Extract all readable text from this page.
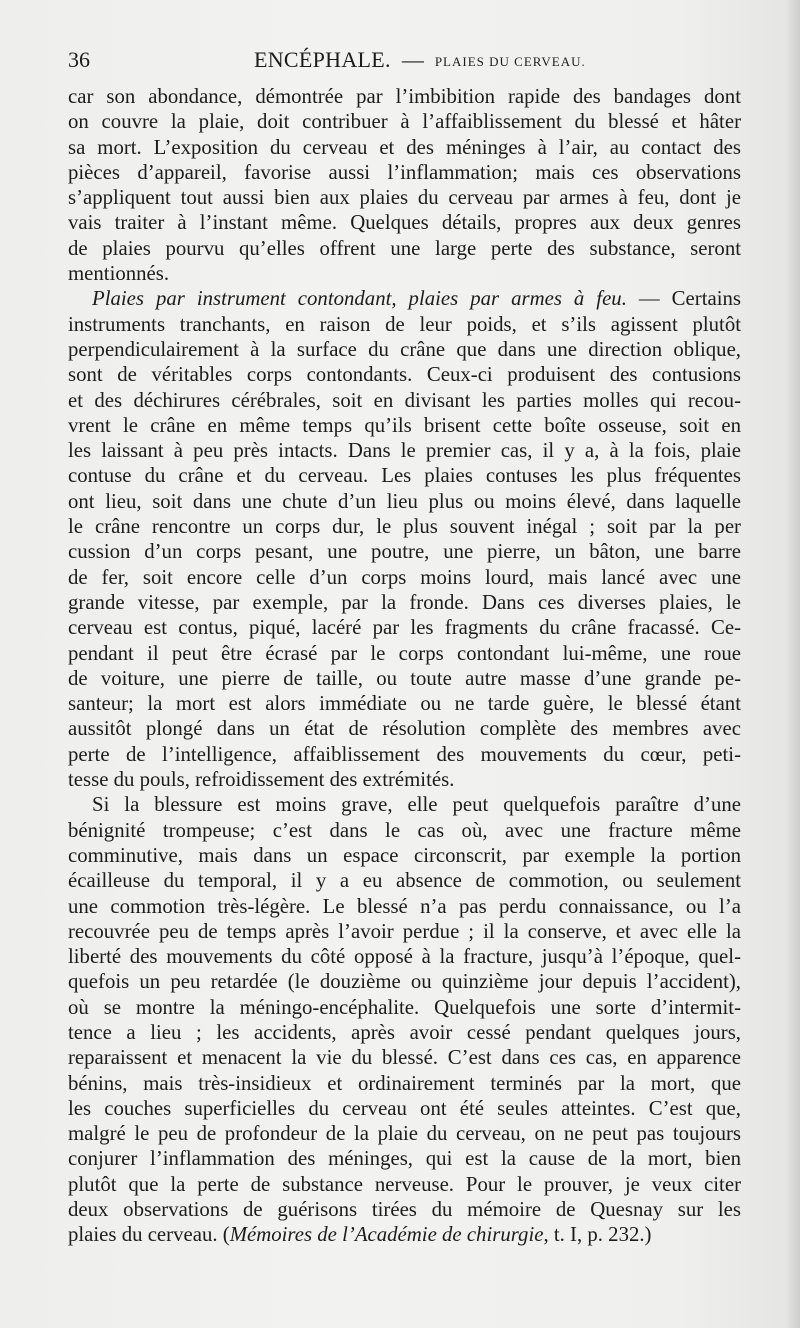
36	ENCÉPHALE. — PLAIES DU CERVEAU.
car son abondance, démontrée par l’imbibition rapide des bandages dont
on couvre la plaie, doit contribuer à l’affaiblissement du blessé et hâter
sa mort. L’exposition du cerveau et des méninges à l’air, au contact des
pièces d’appareil, favorise aussi l’inflammation; mais ces observations
s’appliquent tout aussi bien aux plaies du cerveau par armes à feu, dont je
vais traiter à l’instant même. Quelques détails, propres aux deux genres
de plaies pourvu qu’elles offrent une large perte des substance, seront
mentionnés.
Plaies par instrument contondant, plaies par armes à feu. — Certains
instruments tranchants, en raison de leur poids, et s’ils agissent plutôt
perpendiculairement à la surface du crâne que dans une direction oblique,
sont de véritables corps contondants. Ceux-ci produisent des contusions
et des déchirures cérébrales, soit en divisant les parties molles qui recou-
vrent le crâne en même temps qu’ils brisent cette boîte osseuse, soit en
les laissant à peu près intacts. Dans le premier cas, il y a, à la fois, plaie
contuse du crâne et du cerveau. Les plaies contuses les plus fréquentes
ont lieu, soit dans une chute d’un lieu plus ou moins élevé, dans laquelle
le crâne rencontre un corps dur, le plus souvent inégal ; soit par la per
cussion d’un corps pesant, une poutre, une pierre, un bâton, une barre
de fer, soit encore celle d’un corps moins lourd, mais lancé avec une
grande vitesse, par exemple, par la fronde. Dans ces diverses plaies, le
cerveau est contus, piqué, lacéré par les fragments du crâne fracassé. Ce-
pendant il peut être écrasé par le corps contondant lui-même, une roue
de voiture, une pierre de taille, ou toute autre masse d’une grande pe-
santeur; la mort est alors immédiate ou ne tarde guère, le blessé étant
aussitôt plongé dans un état de résolution complète des membres avec
perte de l’intelligence, affaiblissement des mouvements du cœur, peti-
tesse du pouls, refroidissement des extrémités.
Si la blessure est moins grave, elle peut quelquefois paraître d’une
bénignité trompeuse; c’est dans le cas où, avec une fracture même
comminutive, mais dans un espace circonscrit, par exemple la portion
écailleuse du temporal, il y a eu absence de commotion, ou seulement
une commotion très-légère. Le blessé n’a pas perdu connaissance, ou l’a
recouvrée peu de temps après l’avoir perdue ; il la conserve, et avec elle la
liberté des mouvements du côté opposé à la fracture, jusqu’à l’époque, quel-
quefois un peu retardée (le douzième ou quinzième jour depuis l’accident),
où se montre la méningo-encéphalite. Quelquefois une sorte d’intermit-
tence a lieu ; les accidents, après avoir cessé pendant quelques jours,
reparaissent et menacent la vie du blessé. C’est dans ces cas, en apparence
bénins, mais très-insidieux et ordinairement terminés par la mort, que
les couches superficielles du cerveau ont été seules atteintes. C’est que,
malgré le peu de profondeur de la plaie du cerveau, on ne peut pas toujours
conjurer l’inflammation des méninges, qui est la cause de la mort, bien
plutôt que la perte de substance nerveuse. Pour le prouver, je veux citer
deux observations de guérisons tirées du mémoire de Quesnay sur les
plaies du cerveau. (Mémoires de l’Académie de chirurgie, t. I, p. 232.)
